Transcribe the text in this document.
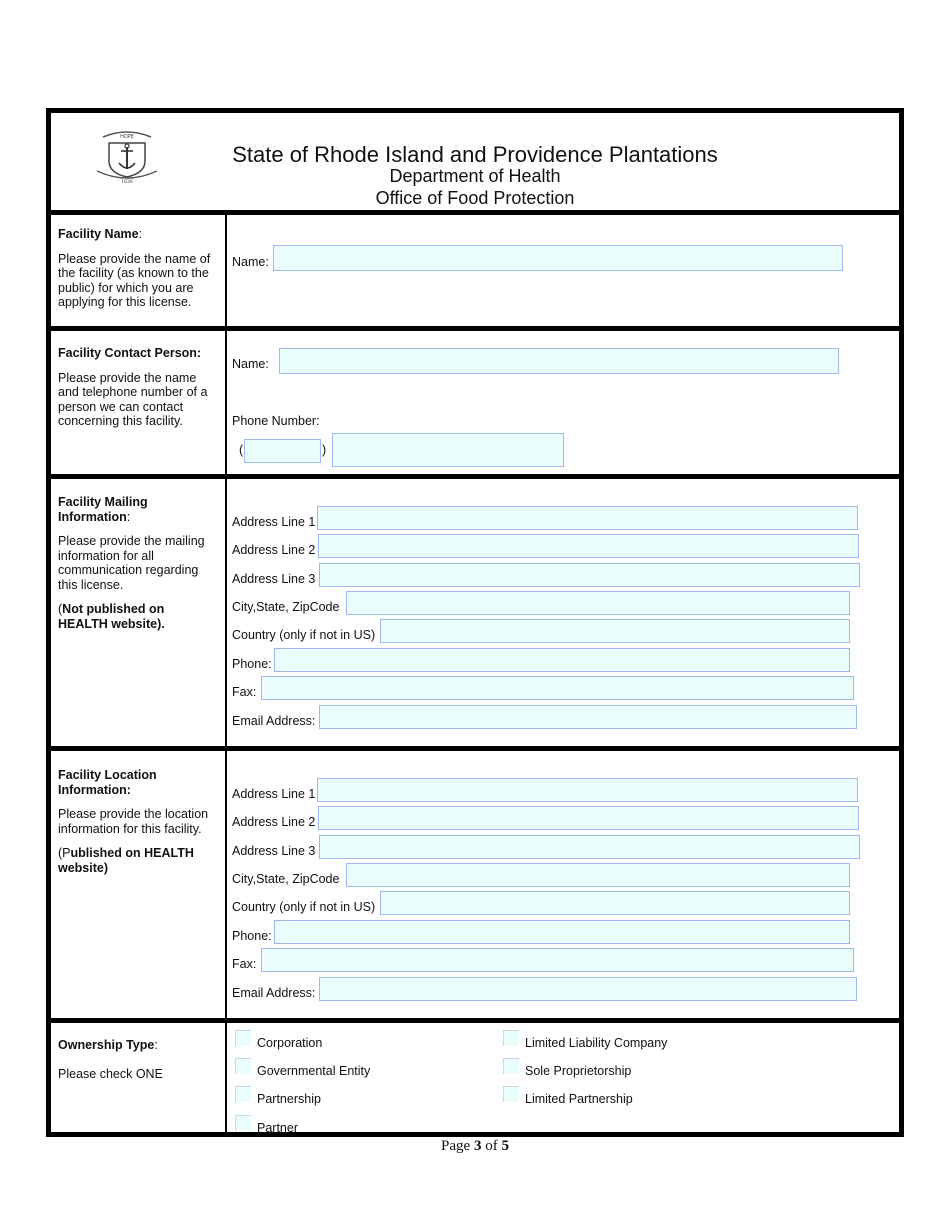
HOPE
1636
State of Rhode Island and Providence Plantations
Department of Health
Office of Food Protection

Facility Name:

Please provide the name of the facility (as known to the public) for which you are applying for this license.

Name:

Facility Contact Person:

Please provide the name and telephone number of a person we can contact concerning this facility.

Name:
Phone Number:
(	)

Facility Mailing Information:

Please provide the mailing information for all communication regarding this license.

(Not published on HEALTH website).

Address Line 1
Address Line 2
Address Line 3
City,State, ZipCode
Country (only if not in US)
Phone:
Fax:
Email Address:

Facility Location Information:

Please provide the location information for this facility.

(Published on HEALTH website)

Address Line 1
Address Line 2
Address Line 3
City,State, ZipCode
Country (only if not in US)
Phone:
Fax:
Email Address:

Ownership Type:

Please check ONE

Corporation
Governmental Entity
Partnership
Partner
Limited Liability Company
Sole Proprietorship
Limited Partnership
Page 3 of 5
